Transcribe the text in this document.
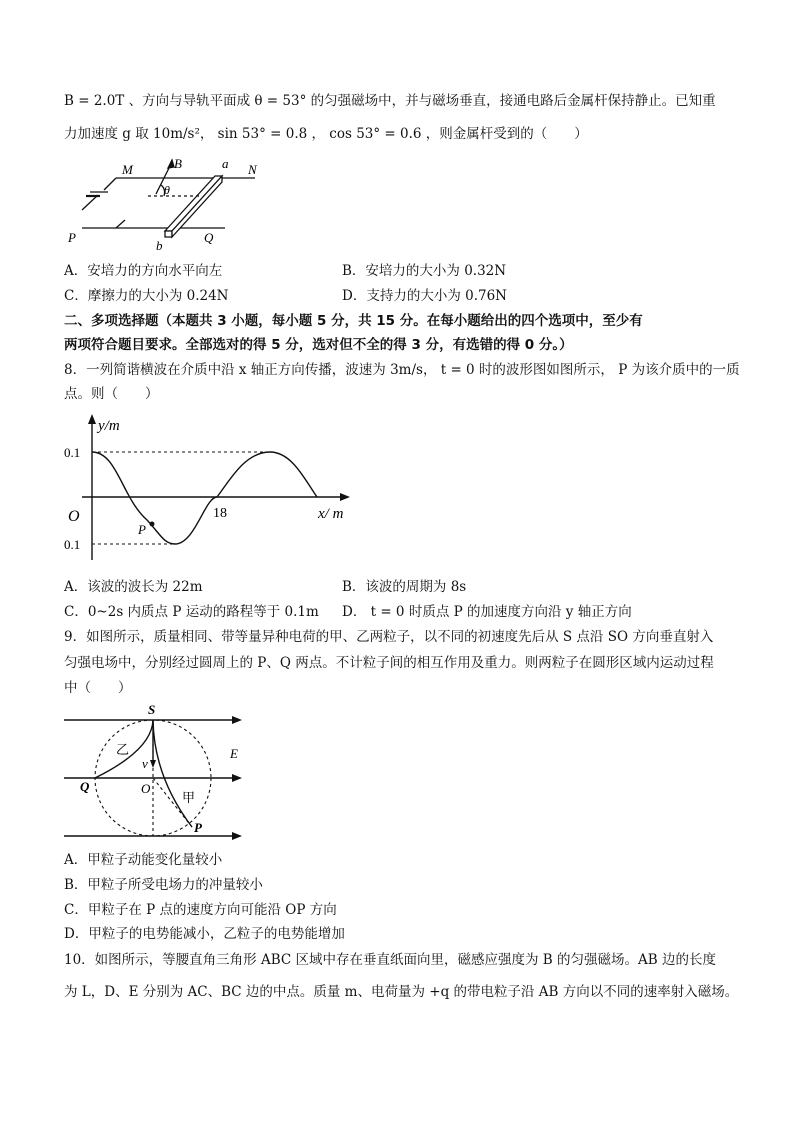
B = 2.0T 、方向与导轨平面成 θ = 53° 的匀强磁场中，并与磁场垂直，接通电路后金属杆保持静止。已知重
力加速度 g 取 10m/s²， sin 53° = 0.8 ， cos 53° = 0.6 ，则金属杆受到的（　　）
M	B	a N
θ
P
b
Q
A．安培力的方向水平向左	B．安培力的大小为 0.32N
C．摩擦力的大小为 0.24N	D．支持力的大小为 0.76N
二、多项选择题（本题共 3 小题，每小题 5 分，共 15 分。在每小题给出的四个选项中，至少有
两项符合题目要求。全部选对的得 5 分，选对但不全的得 3 分，有选错的得 0 分。）
8．一列简谐横波在介质中沿 x 轴正方向传播，波速为 3m/s， t = 0 时的波形图如图所示， P 为该介质中的一质
点。则（　　）
y/m
0.1
0.1
O	18	x/ m
P
A．该波的波长为 22m	B．该波的周期为 8s
C．0~2s 内质点 P 运动的路程等于 0.1m D． t = 0 时质点 P 的加速度方向沿 y 轴正方向
9．如图所示，质量相同、带等量异种电荷的甲、乙两粒子，以不同的初速度先后从 S 点沿 SO 方向垂直射入
匀强电场中，分别经过圆周上的 P、Q 两点。不计粒子间的相互作用及重力。则两粒子在圆形区域内运动过程
中（　　）
S
乙
v
E
Q	O
甲
P
A．甲粒子动能变化量较小
B．甲粒子所受电场力的冲量较小
C．甲粒子在 P 点的速度方向可能沿 OP 方向
D．甲粒子的电势能减小，乙粒子的电势能增加
10．如图所示，等腰直角三角形 ABC 区域中存在垂直纸面向里，磁感应强度为 B 的匀强磁场。AB 边的长度
为 L，D、E 分别为 AC、BC 边的中点。质量 m、电荷量为 +q 的带电粒子沿 AB 方向以不同的速率射入磁场。
